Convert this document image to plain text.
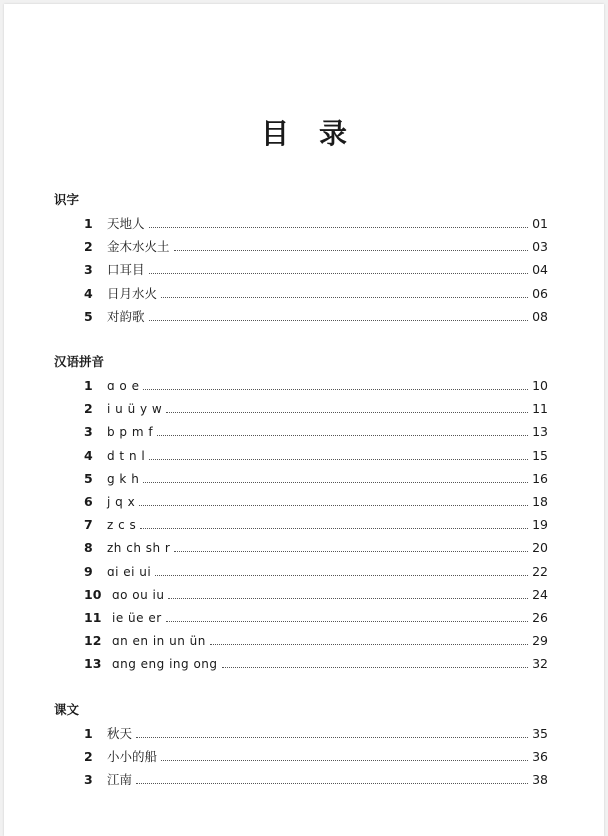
目 录
识字
1	天地人	01
2	金木水火土	03
3	口耳目	04
4	日月水火	06
5	对韵歌	08
汉语拼音
1	ɑ o e	10
2	i u ü y w	11
3	b p m f	13
4	d t n l	15
5	g k h	16
6	j q x	18
7	z c s	19
8	zh ch sh r	20
9	ɑi ei ui	22
10 ɑo ou iu	24
11 ie üe er	26
12 ɑn en in un ün	29
13 ɑng eng ing ong	32
课文
1	秋天	35
2	小小的船	36
3	江南	38
